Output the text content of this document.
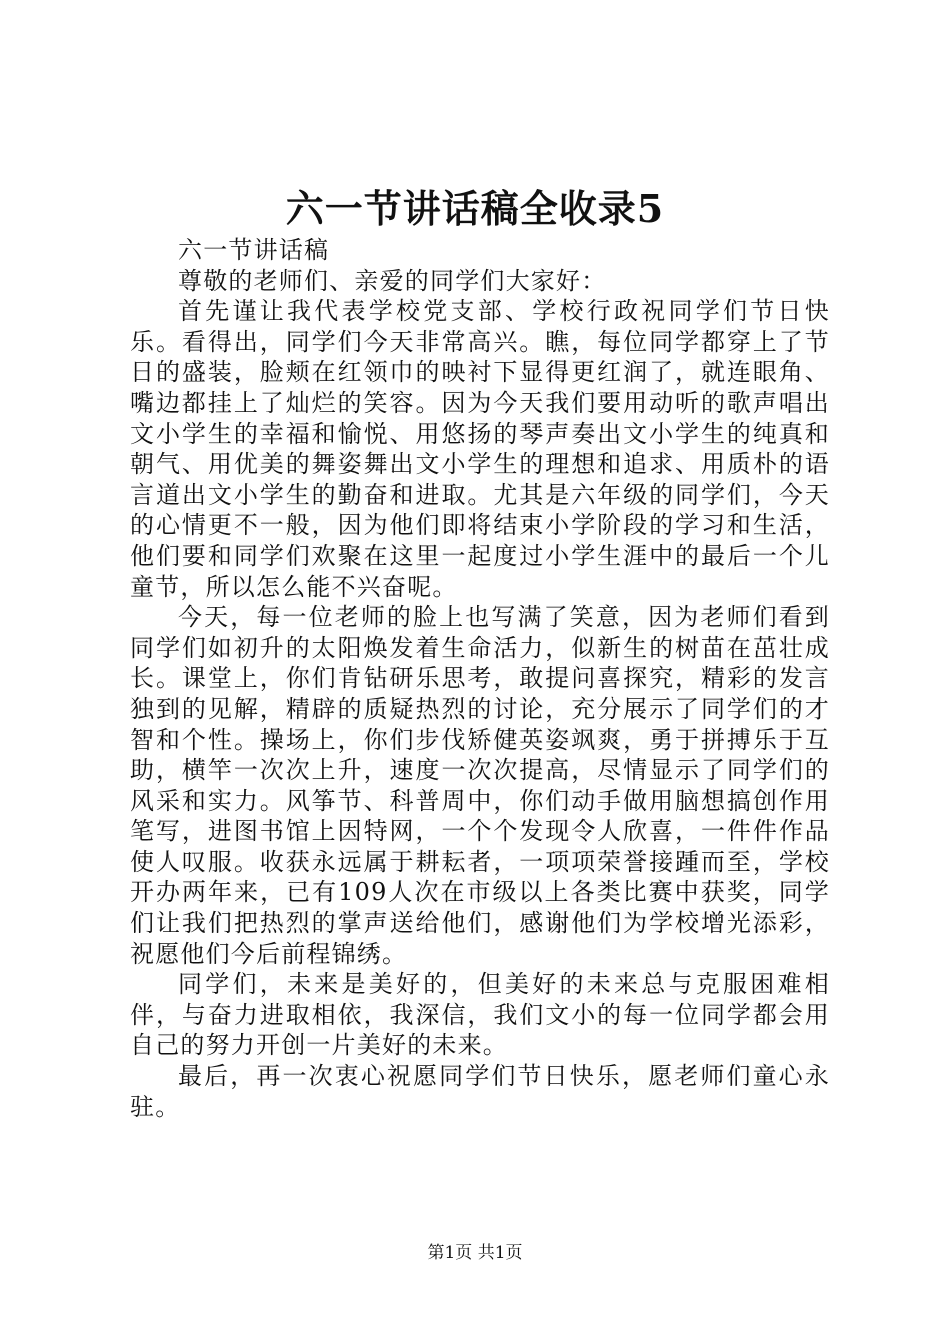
六一节讲话稿全收录5

六一节讲话稿

尊敬的老师们、亲爱的同学们大家好：

首先谨让我代表学校党支部、学校行政祝同学们节日快乐。看得出，同学们今天非常高兴。瞧，每位同学都穿上了节日的盛装，脸颊在红领巾的映衬下显得更红润了，就连眼角、嘴边都挂上了灿烂的笑容。因为今天我们要用动听的歌声唱出文小学生的幸福和愉悦、用悠扬的琴声奏出文小学生的纯真和朝气、用优美的舞姿舞出文小学生的理想和追求、用质朴的语言道出文小学生的勤奋和进取。尤其是六年级的同学们，今天的心情更不一般，因为他们即将结束小学阶段的学习和生活，他们要和同学们欢聚在这里一起度过小学生涯中的最后一个儿童节，所以怎么能不兴奋呢。

今天，每一位老师的脸上也写满了笑意，因为老师们看到同学们如初升的太阳焕发着生命活力，似新生的树苗在茁壮成长。课堂上，你们肯钻研乐思考，敢提问喜探究，精彩的发言独到的见解，精辟的质疑热烈的讨论，充分展示了同学们的才智和个性。操场上，你们步伐矫健英姿飒爽，勇于拼搏乐于互助，横竿一次次上升，速度一次次提高，尽情显示了同学们的风采和实力。风筝节、科普周中，你们动手做用脑想搞创作用笔写，进图书馆上因特网，一个个发现令人欣喜，一件件作品使人叹服。收获永远属于耕耘者，一项项荣誉接踵而至，学校开办两年来，已有109人次在市级以上各类比赛中获奖，同学们让我们把热烈的掌声送给他们，感谢他们为学校增光添彩，祝愿他们今后前程锦绣。

同学们，未来是美好的，但美好的未来总与克服困难相伴，与奋力进取相依，我深信，我们文小的每一位同学都会用自己的努力开创一片美好的未来。

最后，再一次衷心祝愿同学们节日快乐，愿老师们童心永驻。

第1页 共1页
